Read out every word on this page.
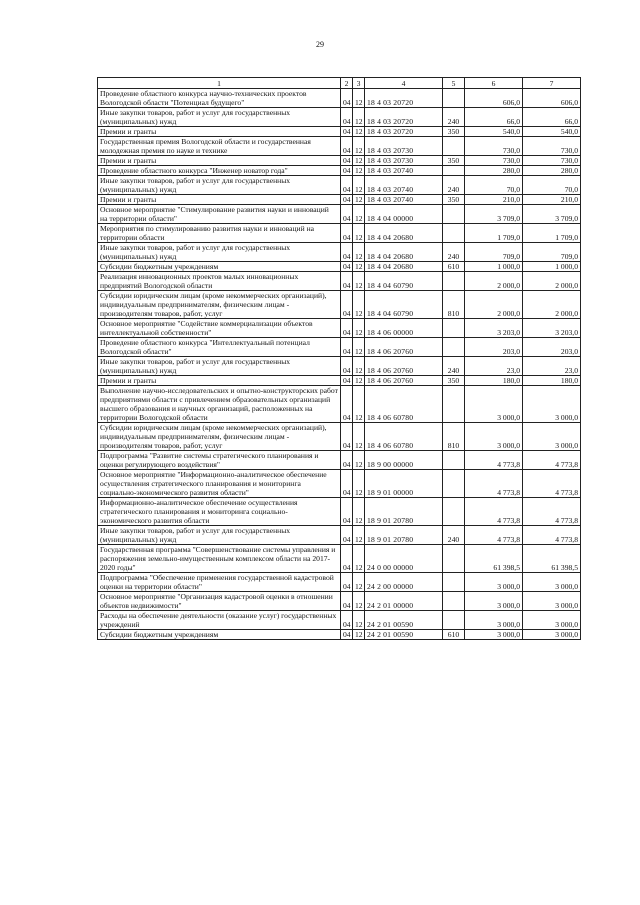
29
1	2	3	4	5	6	7
Проведение областного конкурса научно-технических проектов Вологодской области "Потенциал будущего"	04	12	18 4 03 20720		606,0	606,0
Иные закупки товаров, работ и услуг для государственных (муниципальных) нужд	04	12	18 4 03 20720	240	66,0	66,0
Премии и гранты	04	12	18 4 03 20720	350	540,0	540,0
Государственная премия Вологодской области и государственная молодежная премия по науке и технике	04	12	18 4 03 20730		730,0	730,0
Премии и гранты	04	12	18 4 03 20730	350	730,0	730,0
Проведение областного конкурса "Инженер новатор года"	04	12	18 4 03 20740		280,0	280,0
Иные закупки товаров, работ и услуг для государственных (муниципальных) нужд	04	12	18 4 03 20740	240	70,0	70,0
Премии и гранты	04	12	18 4 03 20740	350	210,0	210,0
Основное мероприятие "Стимулирование развития науки и инноваций на территории области"	04	12	18 4 04 00000		3 709,0	3 709,0
Мероприятия по стимулированию развития науки и инноваций на территории области	04	12	18 4 04 20680		1 709,0	1 709,0
Иные закупки товаров, работ и услуг для государственных (муниципальных) нужд	04	12	18 4 04 20680	240	709,0	709,0
Субсидии бюджетным учреждениям	04	12	18 4 04 20680	610	1 000,0	1 000,0
Реализация инновационных проектов малых инновационных предприятий Вологодской области	04	12	18 4 04 60790		2 000,0	2 000,0
Субсидии юридическим лицам (кроме некоммерческих организаций), индивидуальным предпринимателям, физическим лицам - производителям товаров, работ, услуг	04	12	18 4 04 60790	810	2 000,0	2 000,0
Основное мероприятие "Содействие коммерциализации объектов интеллектуальной собственности"	04	12	18 4 06 00000		3 203,0	3 203,0
Проведение областного конкурса "Интеллектуальный потенциал Вологодской области"	04	12	18 4 06 20760		203,0	203,0
Иные закупки товаров, работ и услуг для государственных (муниципальных) нужд	04	12	18 4 06 20760	240	23,0	23,0
Премии и гранты	04	12	18 4 06 20760	350	180,0	180,0
Выполнение научно-исследовательских и опытно-конструкторских работ предприятиями области с привлечением образовательных организаций высшего образования и научных организаций, расположенных на территории Вологодской области	04	12	18 4 06 60780		3 000,0	3 000,0
Субсидии юридическим лицам (кроме некоммерческих организаций), индивидуальным предпринимателям, физическим лицам - производителям товаров, работ, услуг	04	12	18 4 06 60780	810	3 000,0	3 000,0
Подпрограмма "Развитие системы стратегического планирования и оценки регулирующего воздействия"	04	12	18 9 00 00000		4 773,8	4 773,8
Основное мероприятие "Информационно-аналитическое обеспечение осуществления стратегического планирования и мониторинга социально-экономического развития области"	04	12	18 9 01 00000		4 773,8	4 773,8
Информационно-аналитическое обеспечение осуществления стратегического планирования и мониторинга социально-экономического развития области	04	12	18 9 01 20780		4 773,8	4 773,8
Иные закупки товаров, работ и услуг для государственных (муниципальных) нужд	04	12	18 9 01 20780	240	4 773,8	4 773,8
Государственная программа "Совершенствование системы управления и распоряжения земельно-имущественным комплексом области на 2017-2020 годы"	04	12	24 0 00 00000		61 398,5	61 398,5
Подпрограмма "Обеспечение применения государственной кадастровой оценки на территории области"	04	12	24 2 00 00000		3 000,0	3 000,0
Основное мероприятие "Организация кадастровой оценки в отношении объектов недвижимости"	04	12	24 2 01 00000		3 000,0	3 000,0
Расходы на обеспечение деятельности (оказание услуг) государственных учреждений	04	12	24 2 01 00590		3 000,0	3 000,0
Субсидии бюджетным учреждениям	04	12	24 2 01 00590	610	3 000,0	3 000,0
